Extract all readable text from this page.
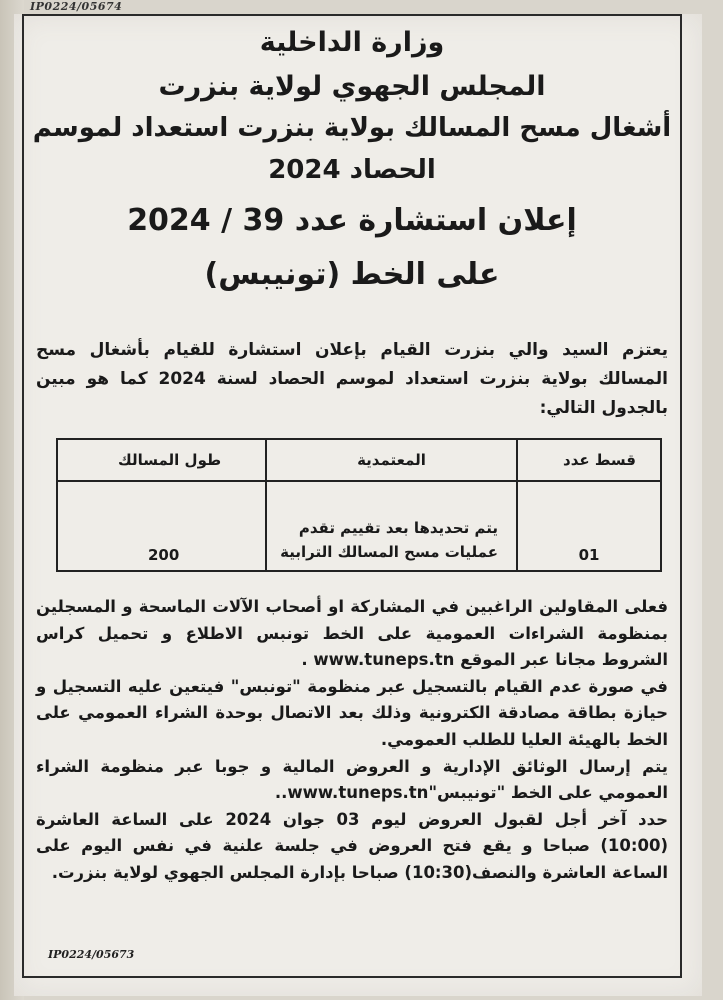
IP0224/05674
وزارة الداخلية
المجلس الجهوي لولاية بنزرت
أشغال مسح المسالك بولاية بنزرت استعداد لموسم
الحصاد 2024
إعلان استشارة عدد 39 / 2024
على الخط (تونيبس)
يعتزم السيد والي بنزرت القيام بإعلان استشارة للقيام بأشغال مسح المسالك بولاية بنزرت استعداد لموسم الحصاد لسنة 2024 كما هو مبين بالجدول التالي:
قسط عدد	المعتمدية	طول المسالك
01	يتم تحديدها بعد تقييم تقدم عمليات مسح المسالك الترابية	200

فعلى المقاولين الراغبين في المشاركة او أصحاب الآلات الماسحة و المسجلين بمنظومة الشراءات العمومية على الخط تونبس الاطلاع و تحميل كراس الشروط مجانا عبر الموقع www.tuneps.tn .

في صورة عدم القيام بالتسجيل عبر منظومة "تونبس" فيتعين عليه التسجيل و حيازة بطاقة مصادقة الكترونية وذلك بعد الاتصال بوحدة الشراء العمومي على الخط بالهيئة العليا للطلب العمومي.

يتم إرسال الوثائق الإدارية و العروض المالية و جوبا عبر منظومة الشراء العمومي على الخط "تونيبس"www.tuneps.tn..

حدد آخر أجل لقبول العروض ليوم 03 جوان 2024 على الساعة العاشرة (10:00) صباحا و يقع فتح العروض في جلسة علنية في نفس اليوم على الساعة العاشرة والنصف(10:30) صباحا بإدارة المجلس الجهوي لولاية بنزرت.

IP0224/05673
